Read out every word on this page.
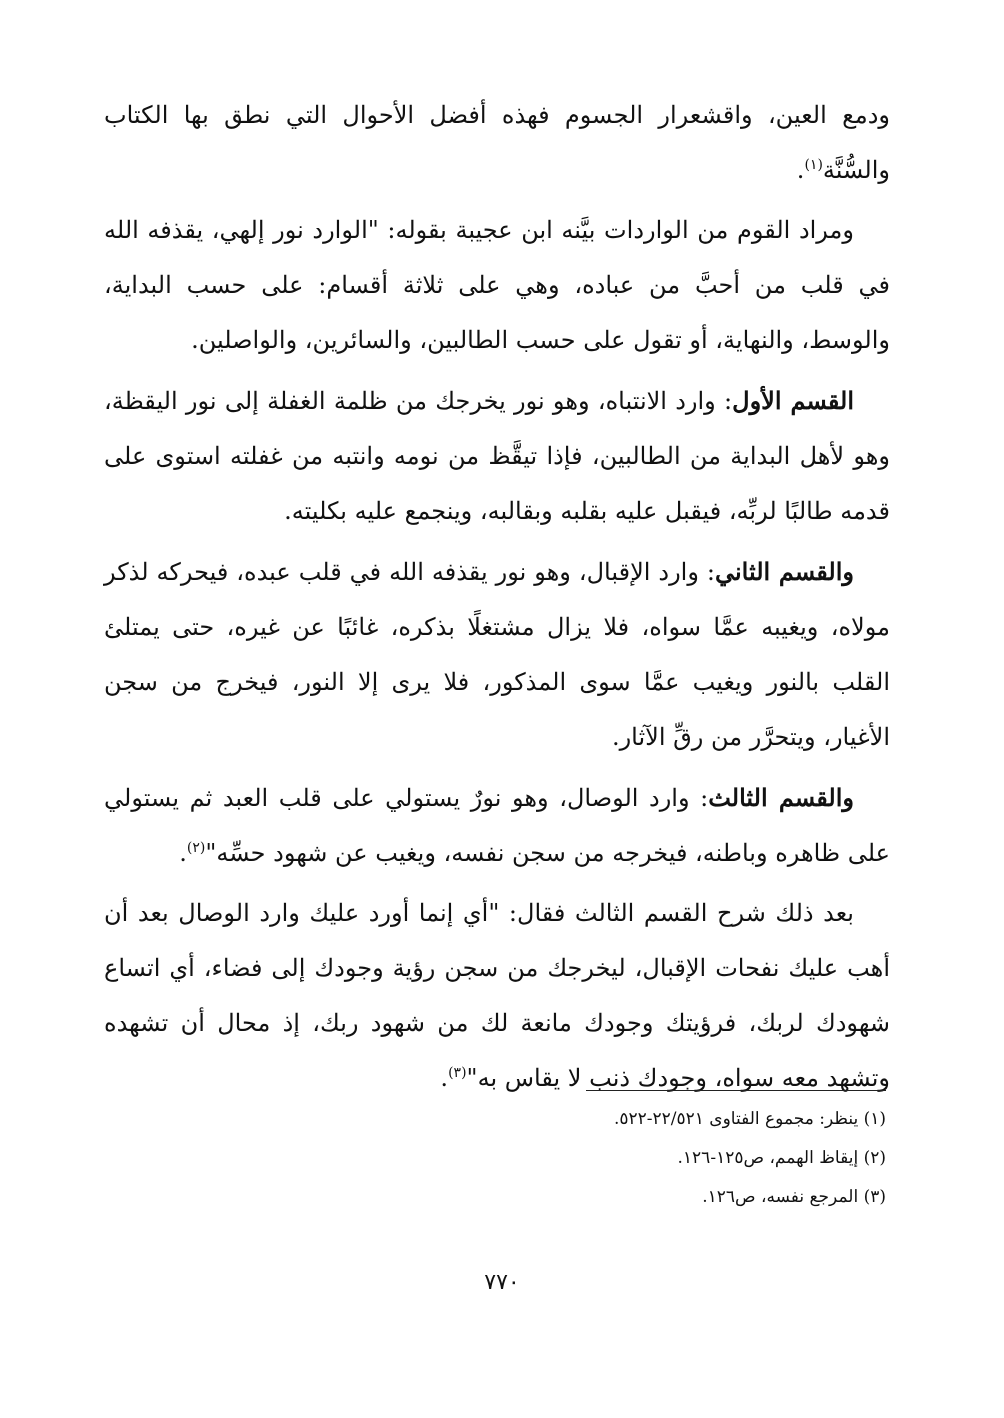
ودمع العين، واقشعرار الجسوم فهذه أفضل الأحوال التي نطق بها الكتاب والسُّنَّة$^{(١)}$.

ومراد القوم من الواردات بيَّنه ابن عجيبة بقوله: "الوارد نور إلهي، يقذفه الله في قلب من أحبَّ من عباده، وهي على ثلاثة أقسام: على حسب البداية، والوسط، والنهاية، أو تقول على حسب الطالبين، والسائرين، والواصلين.

القسم الأول: وارد الانتباه، وهو نور يخرجك من ظلمة الغفلة إلى نور اليقظة، وهو لأهل البداية من الطالبين، فإذا تيقَّظ من نومه وانتبه من غفلته استوى على قدمه طالبًا لربِّه، فيقبل عليه بقلبه وبقالبه، وينجمع عليه بكليته.

والقسم الثاني: وارد الإقبال، وهو نور يقذفه الله في قلب عبده، فيحركه لذكر مولاه، ويغيبه عمَّا سواه، فلا يزال مشتغلًا بذكره، غائبًا عن غيره، حتى يمتلئ القلب بالنور ويغيب عمَّا سوى المذكور، فلا يرى إلا النور، فيخرج من سجن الأغيار، ويتحرَّر من رقِّ الآثار.

والقسم الثالث: وارد الوصال، وهو نورٌ يستولي على قلب العبد ثم يستولي على ظاهره وباطنه، فيخرجه من سجن نفسه، ويغيب عن شهود حسِّه"$^{(٢)}$.

بعد ذلك شرح القسم الثالث فقال: "أي إنما أورد عليك وارد الوصال بعد أن أهب عليك نفحات الإقبال، ليخرجك من سجن رؤية وجودك إلى فضاء، أي اتساع شهودك لربك، فرؤيتك وجودك مانعة لك من شهود ربك، إذ محال أن تشهده وتشهد معه سواه، وجودك ذنب لا يقاس به"$^{(٣)}$.

(١) ينظر: مجموع الفتاوى ٢٢/٥٢١-٥٢٢.

(٢) إيقاظ الهمم، ص١٢٥-١٢٦.

(٣) المرجع نفسه، ص١٢٦.

٧٧٠
